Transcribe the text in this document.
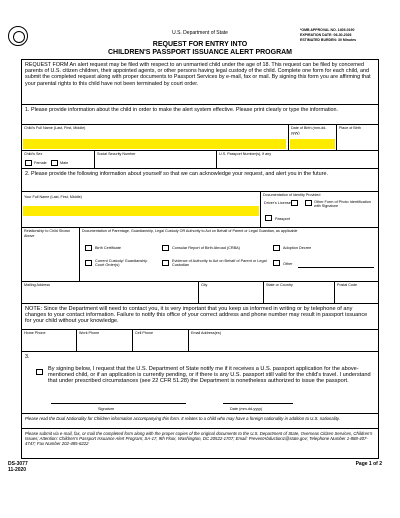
U.S. Department of State	*OMB APPROVAL NO. 1405-0190
EXPIRATION DATE: 06-30-2026
ESTIMATED BURDEN: 30 Minutes
REQUEST FOR ENTRY INTO
CHILDREN'S PASSPORT ISSUANCE ALERT PROGRAM
REQUEST FORM An alert request may be filed with respect to an unmarried child under the age of 18. This request can be filed by concerned parents of U.S. citizen children, their appointed agents, or other persons having legal custody of the child. Complete one form for each child, and submit the completed request along with proper documents to Passport Services by e-mail, fax or mail. By signing this form you are affirming that your parental rights to this child have not been terminated by court order.
1. Please provide information about the child in order to make the alert system effective. Please print clearly or type the information.
Child's Full Name (Last, First, Middle)	Date of Birth (mm-dd-yyyy)
Place of Birth
Child's Sex
Female	Male
Social Security Number	U.S. Passport Number(s), if any
2. Please provide the following information about yourself so that we can acknowledge your request, and alert you in the future.
Your Full Name (Last, First, Middle)	Documentation of Identity Provided
Driver's License	Other Form of Photo Identification with Signature
Passport
Relationship to Child Shown Above
Documentation of Parentage, Guardianship, Legal Custody OR Authority to Act on Behalf of Parent or Legal Guardian, as applicable
Birth Certificate	Consular Report of Birth Abroad (CRBA)	Adoption Decree
Current Custody/ Guardianship Court Order(s)
Evidence of Authority to Act on Behalf of Parent or Legal Custodian	Other
Mailing Address	City	State or Country	Postal Code
NOTE: Since the Department will need to contact you, it is very important that you keep us informed in writing or by telephone of any changes to your contact information. Failure to notify this office of your correct address and phone number may result in passport issuance for your child without your knowledge.
Home Phone	Work Phone	Cell Phone	Email Address(es)
3.
By signing below, I request that the U.S. Department of State notify me if it receives a U.S. passport application for the above-mentioned child, or if an application is currently pending, or if there is any U.S. passport still valid for the child's travel. I understand that under prescribed circumstances (see 22 CFR 51.28) the Department is nonetheless authorized to issue the passport.
Signature	Date (mm-dd-yyyy)
Please read the Dual Nationality for Children information accompanying this form. It relates to a child who may have a foreign nationality in addition to U.S. nationality.
Please submit via e-mail, fax, or mail the completed form along with the proper copies of the original documents to the U.S. Department of State, Overseas Citizen Services, Children's Issues; Attention: Children's Passport Issuance Alert Program; SA-17, 9th Floor, Washington, DC 20522-1707; Email: PreventAbduction1@state.gov; Telephone Number 1-888-407-4747; Fax Number 202-485-6222
DS-3077
11-2020
Page 1 of 2
